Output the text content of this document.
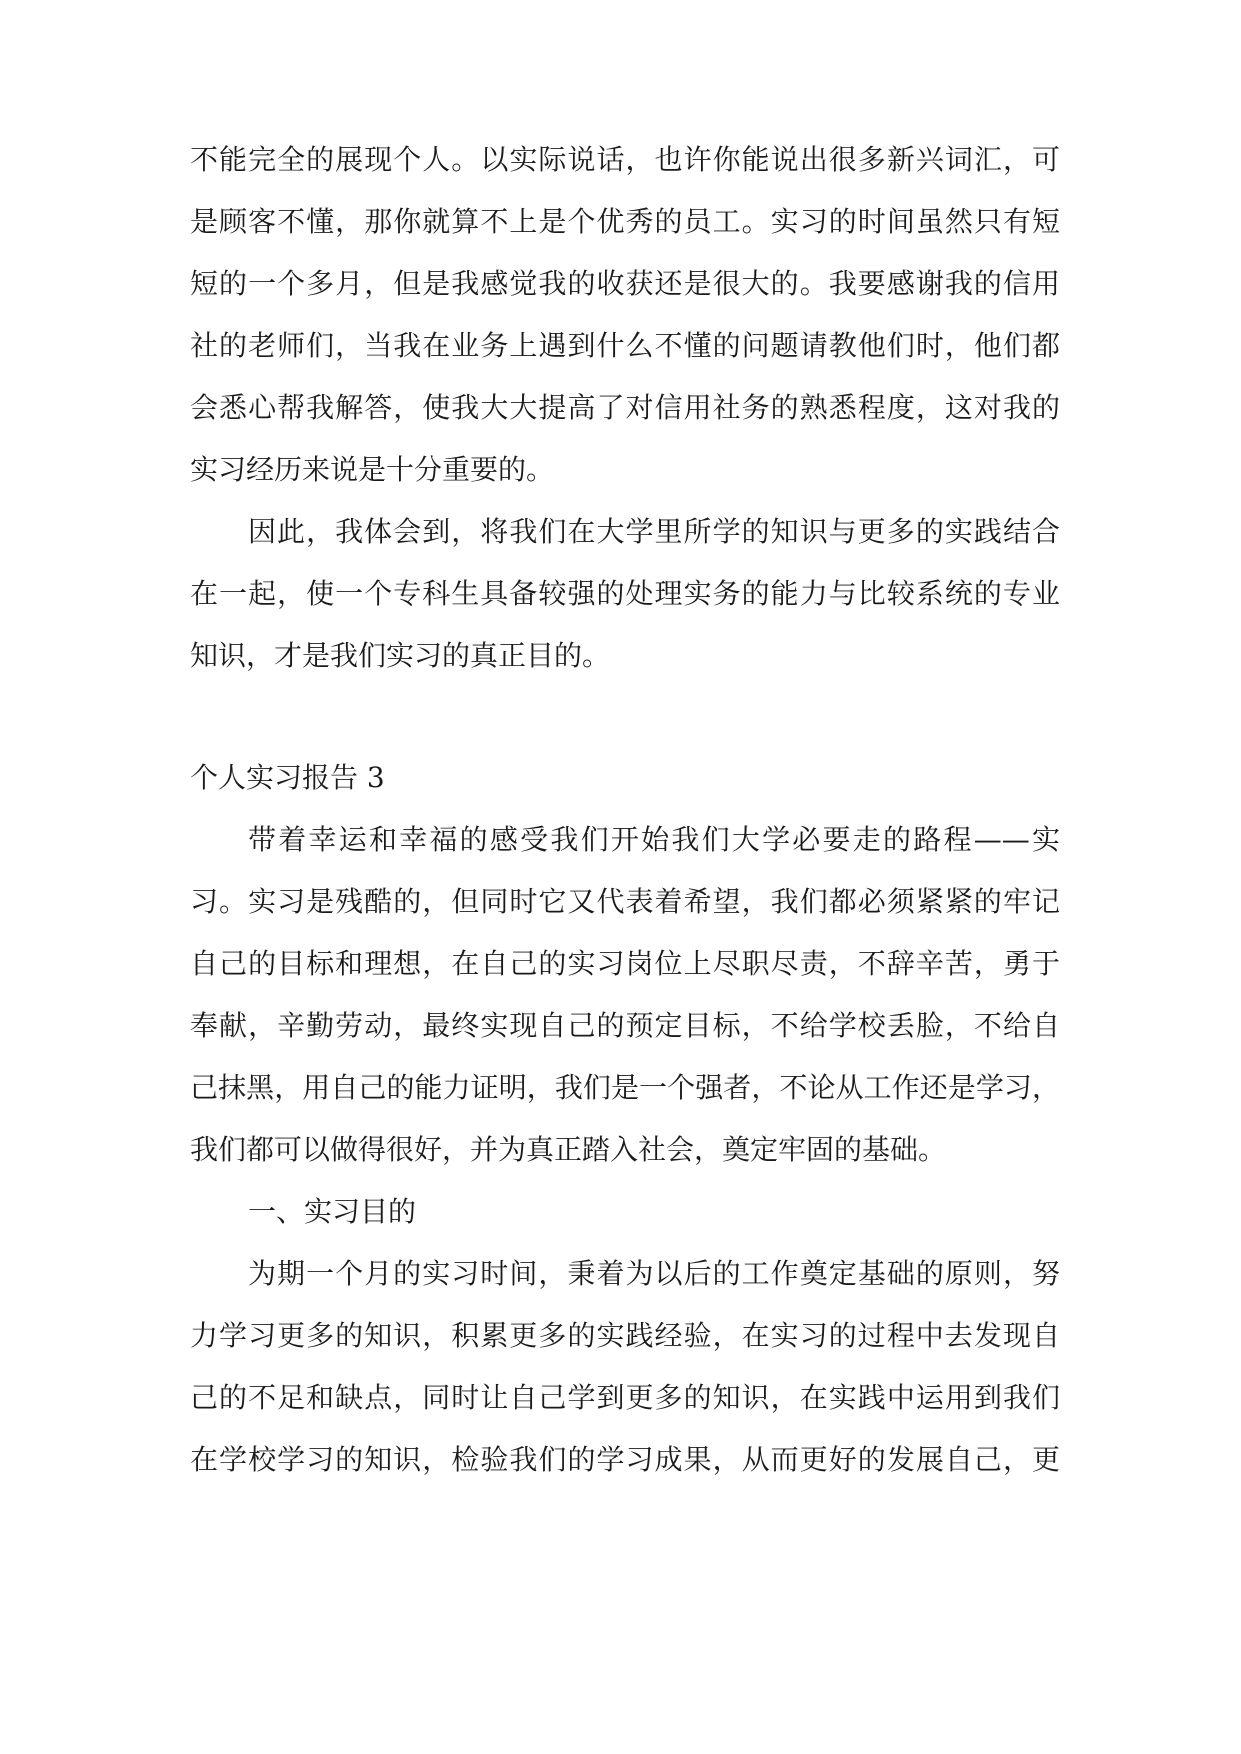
不能完全的展现个人。以实际说话，也许你能说出很多新兴词汇，可
是顾客不懂，那你就算不上是个优秀的员工。实习的时间虽然只有短
短的一个多月，但是我感觉我的收获还是很大的。我要感谢我的信用
社的老师们，当我在业务上遇到什么不懂的问题请教他们时，他们都
会悉心帮我解答，使我大大提高了对信用社务的熟悉程度，这对我的
实习经历来说是十分重要的。
因此，我体会到，将我们在大学里所学的知识与更多的实践结合
在一起，使一个专科生具备较强的处理实务的能力与比较系统的专业
知识，才是我们实习的真正目的。
个人实习报告 3
带着幸运和幸福的感受我们开始我们大学必要走的路程——实
习。实习是残酷的，但同时它又代表着希望，我们都必须紧紧的牢记
自己的目标和理想，在自己的实习岗位上尽职尽责，不辞辛苦，勇于
奉献，辛勤劳动，最终实现自己的预定目标，不给学校丢脸，不给自
己抹黑，用自己的能力证明，我们是一个强者，不论从工作还是学习，
我们都可以做得很好，并为真正踏入社会，奠定牢固的基础。
一、实习目的
为期一个月的实习时间，秉着为以后的工作奠定基础的原则，努
力学习更多的知识，积累更多的实践经验，在实习的过程中去发现自
己的不足和缺点，同时让自己学到更多的知识，在实践中运用到我们
在学校学习的知识，检验我们的学习成果，从而更好的发展自己，更
